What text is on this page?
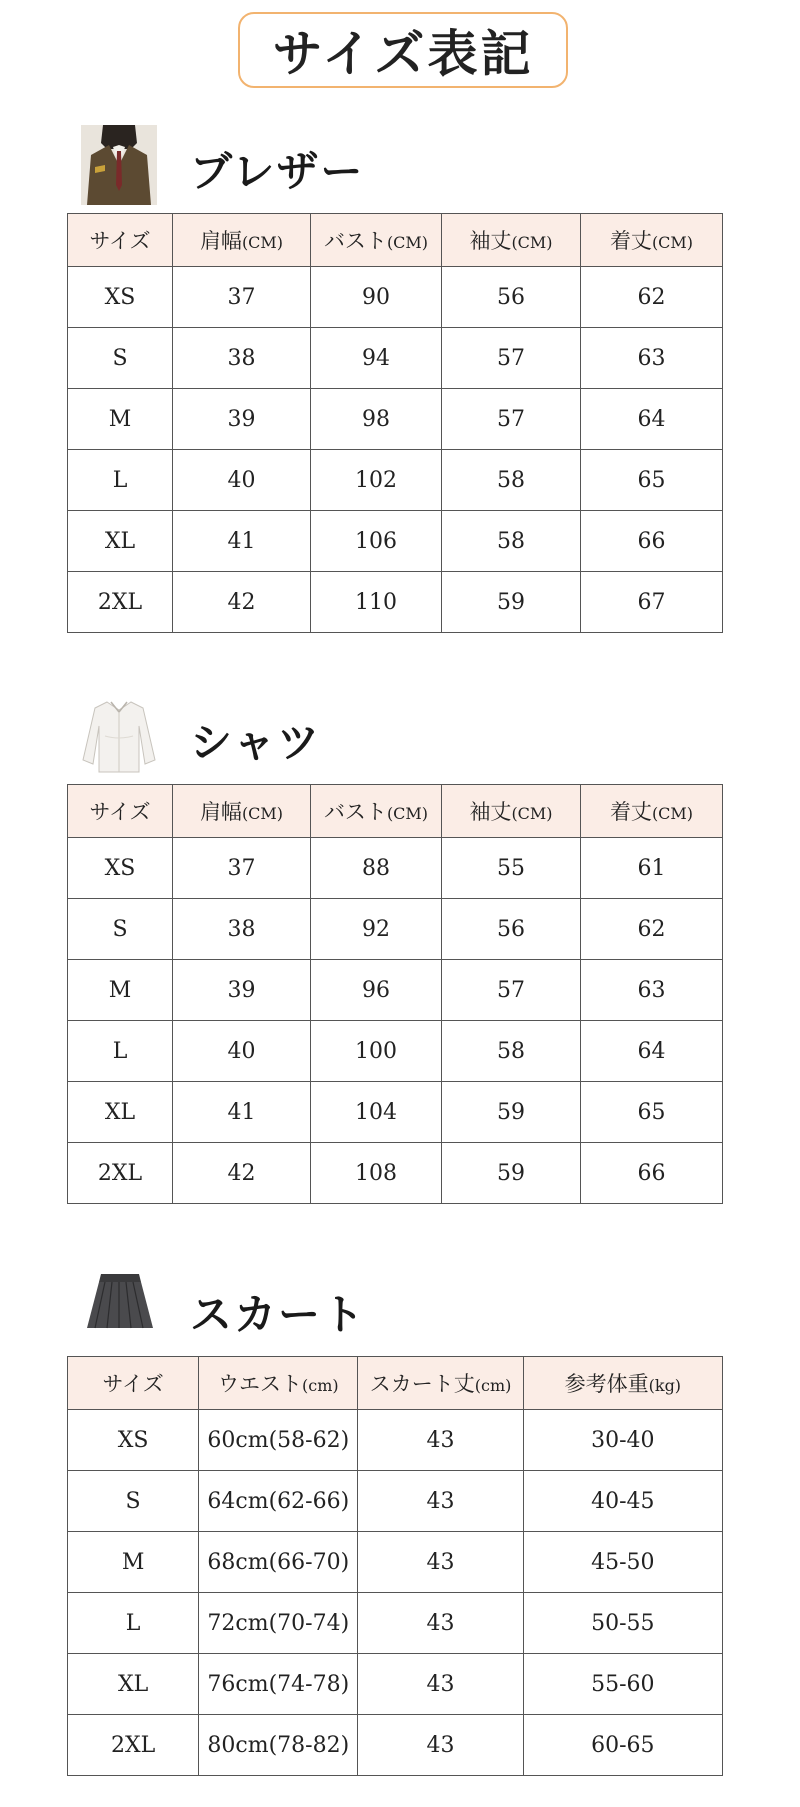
サイズ表記
ブレザー
サイズ	肩幅(CM)	バスト(CM)	袖丈(CM)	着丈(CM)
XS	37	90	56	62
S	38	94	57	63
M	39	98	57	64
L	40	102	58	65
XL	41	106	58	66
2XL	42	110	59	67
シャツ
サイズ	肩幅(CM)	バスト(CM)	袖丈(CM)	着丈(CM)
XS	37	88	55	61
S	38	92	56	62
M	39	96	57	63
L	40	100	58	64
XL	41	104	59	65
2XL	42	108	59	66
スカート
サイズ	ウエスト(cm)	スカート丈(cm)	参考体重(kg)
XS	60cm(58-62)	43	30-40
S	64cm(62-66)	43	40-45
M	68cm(66-70)	43	45-50
L	72cm(70-74)	43	50-55
XL	76cm(74-78)	43	55-60
2XL	80cm(78-82)	43	60-65
